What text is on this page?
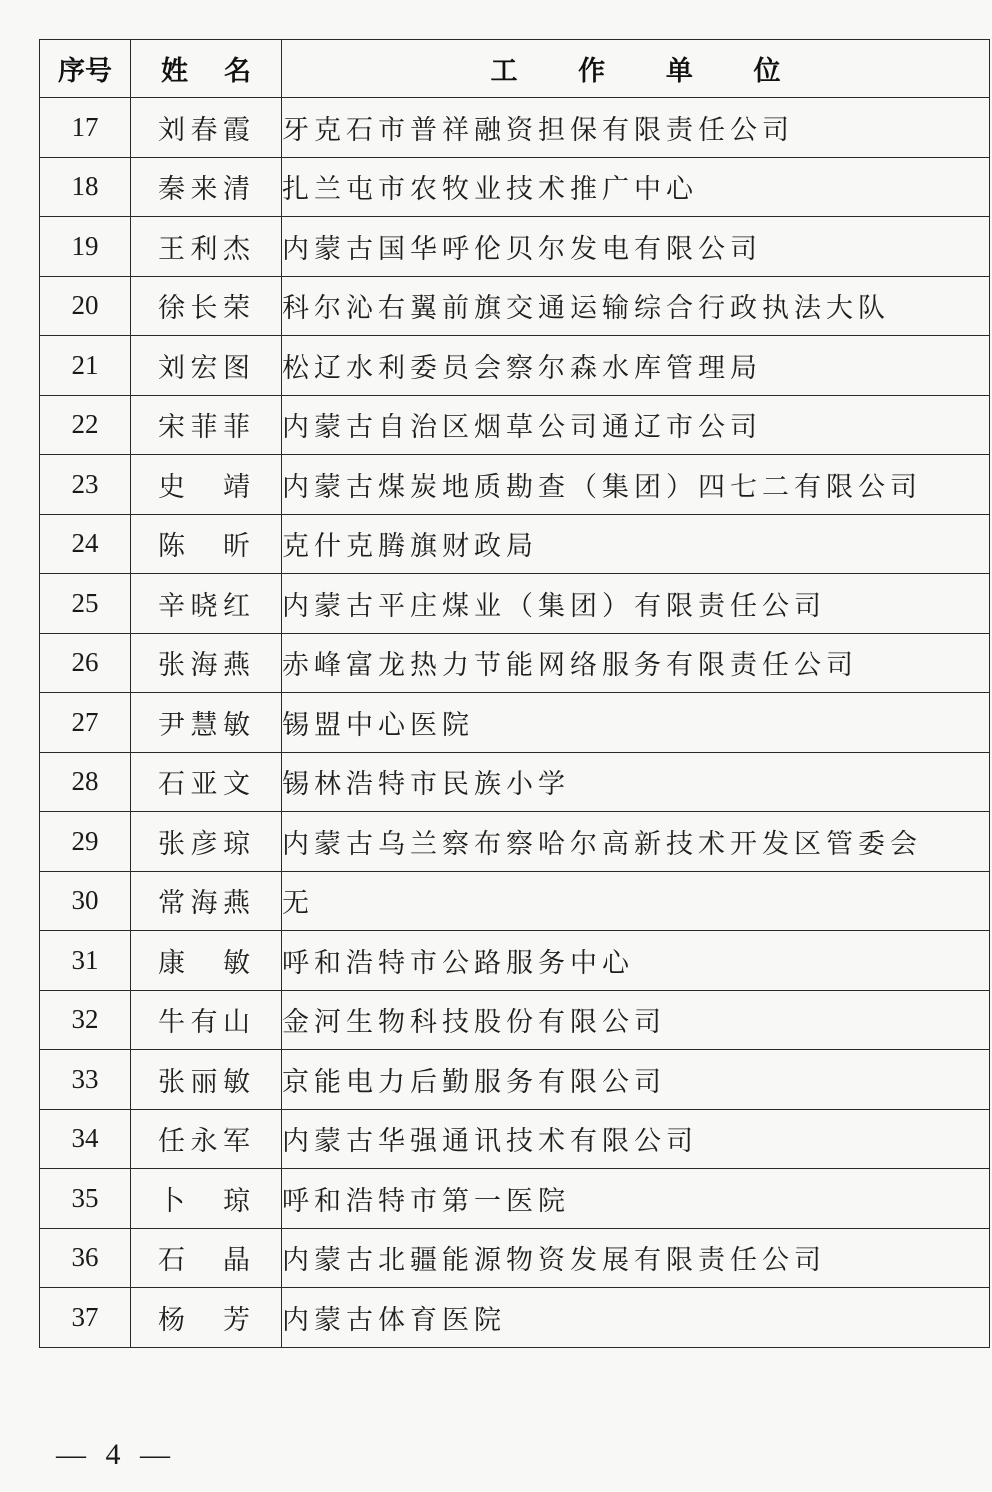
序号	姓 名	工 作 单 位
17	刘春霞	牙克石市普祥融资担保有限责任公司
18	秦来清	扎兰屯市农牧业技术推广中心
19	王利杰	内蒙古国华呼伦贝尔发电有限公司
20	徐长荣	科尔沁右翼前旗交通运输综合行政执法大队
21	刘宏图	松辽水利委员会察尔森水库管理局
22	宋菲菲	内蒙古自治区烟草公司通辽市公司
23	史 靖	内蒙古煤炭地质勘查（集团）四七二有限公司
24	陈 昕	克什克腾旗财政局
25	辛晓红	内蒙古平庄煤业（集团）有限责任公司
26	张海燕	赤峰富龙热力节能网络服务有限责任公司
27	尹慧敏	锡盟中心医院
28	石亚文	锡林浩特市民族小学
29	张彦琼	内蒙古乌兰察布察哈尔高新技术开发区管委会
30	常海燕	无
31	康 敏	呼和浩特市公路服务中心
32	牛有山	金河生物科技股份有限公司
33	张丽敏	京能电力后勤服务有限公司
34	任永军	内蒙古华强通讯技术有限公司
35	卜 琼	呼和浩特市第一医院
36	石 晶	内蒙古北疆能源物资发展有限责任公司
37	杨 芳	内蒙古体育医院
— 4 —
